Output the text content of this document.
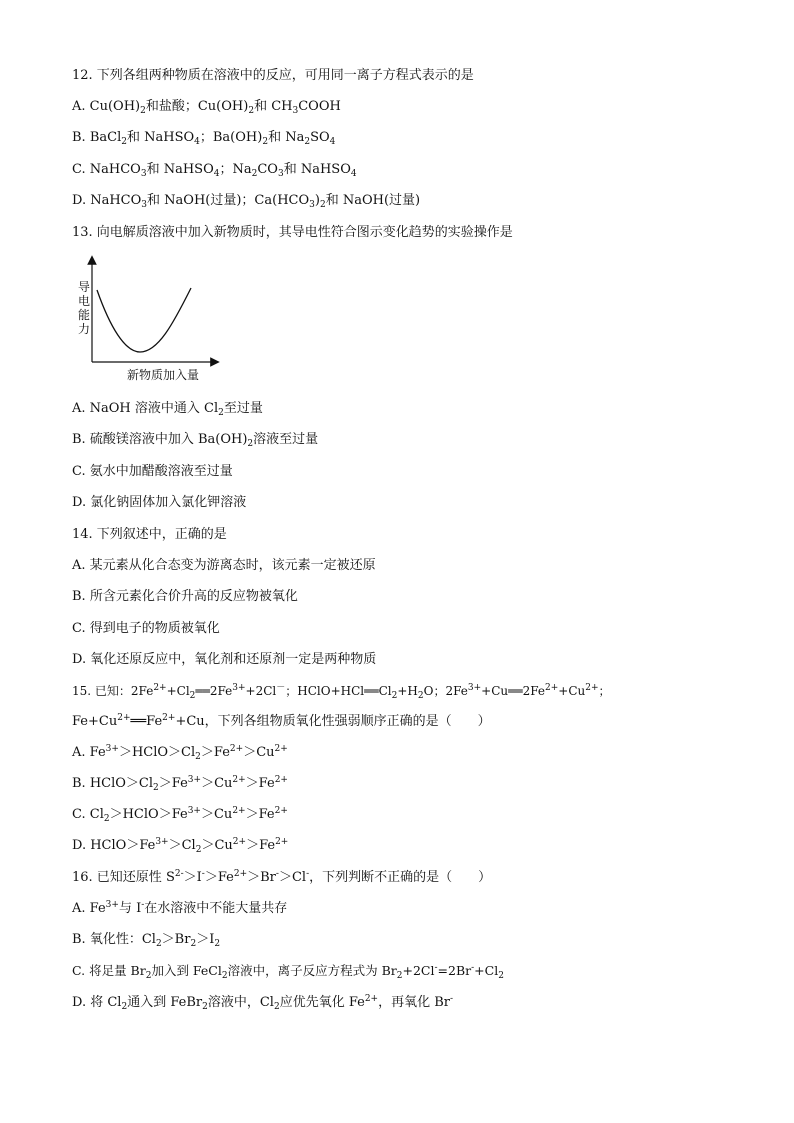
12. 下列各组两种物质在溶液中的反应，可用同一离子方程式表示的是
A. $Cu(OH)_2$和盐酸；$Cu(OH)_2$和 $CH_3COOH$
B. BaCl$_2$和 NaHSO$_4$；$Ba(OH)_2$和 $Na_2SO_4$
C. NaHCO$_3$和 NaHSO$_4$；$Na_2CO_3$和 NaHSO$_4$
D. NaHCO$_3$和 NaOH(过量)；$Ca(HCO_3)_2$和 NaOH(过量)
13. 向电解质溶液中加入新物质时，其导电性符合图示变化趋势的实验操作是
导电能力
新物质加入量
A. NaOH 溶液中通入 $Cl_2$至过量
B. 硫酸镁溶液中加入 $Ba(OH)_2$溶液至过量
C. 氨水中加醋酸溶液至过量
D. 氯化钠固体加入氯化钾溶液
14. 下列叙述中，正确的是
A. 某元素从化合态变为游离态时，该元素一定被还原
B. 所含元素化合价升高的反应物被氧化
C. 得到电子的物质被氧化
D. 氧化还原反应中，氧化剂和还原剂一定是两种物质
15. 已知：$2Fe^{2+}+Cl_2══2Fe^{3+}+2Cl^-$；$HClO+HCl══Cl_2+H_2O$；$2Fe^{3+}+Cu══2Fe^{2+}+Cu^{2+}$；
$Fe+Cu^{2+}══Fe^{2+}+Cu$，下列各组物质氧化性强弱顺序正确的是（　　）
A. $Fe^{3+}>HClO>Cl_2>Fe^{2+}>Cu^{2+}$
B. $HClO>Cl_2>Fe^{3+}>Cu^{2+}>Fe^{2+}$
C. $Cl_2>HClO>Fe^{3+}>Cu^{2+}>Fe^{2+}$
D. $HClO>Fe^{3+}>Cl_2>Cu^{2+}>Fe^{2+}$
16. 已知还原性 $S^{2-}>I^->Fe^{2+}>Br^->Cl^-$，下列判断不正确的是（　　）
A. $Fe^{3+}$与 I-在水溶液中不能大量共存
B. 氧化性：$Cl_2>Br_2>I_2$
C. 将足量 $Br_2$加入到 FeCl$_2$溶液中，离子反应方程式为 $Br_2+2Cl^-=2Br^-+Cl_2$
D. 将 $Cl_2$通入到 FeBr$_2$溶液中，$Cl_2$应优先氧化 $Fe^{2+}$，再氧化 Br-
